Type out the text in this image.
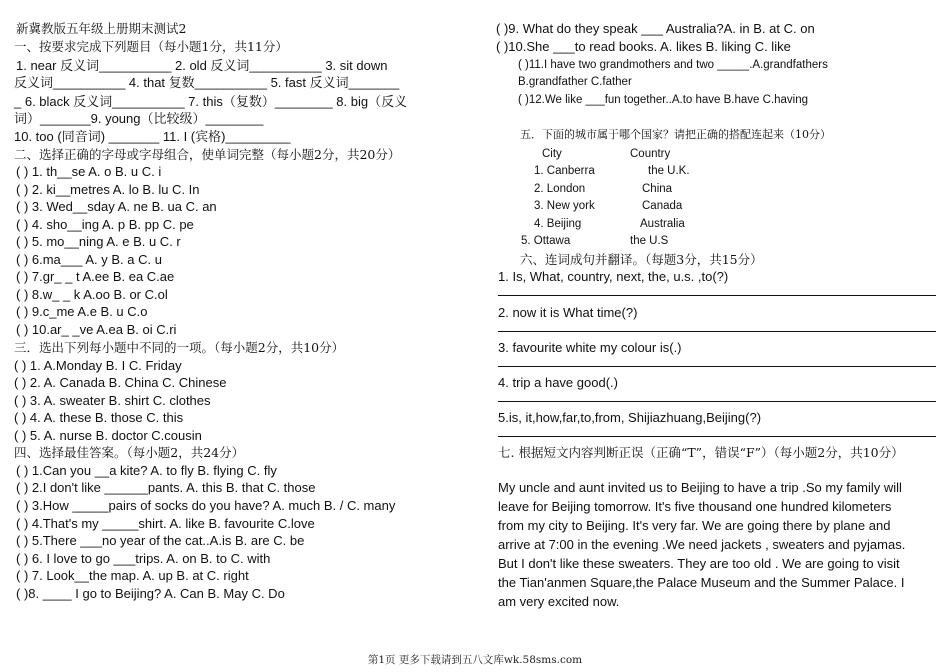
新冀教版五年级上册期末测试2
一、按要求完成下列题目（每小题1分，共11分）
1. near 反义词__________ 2. old 反义词__________ 3. sit down
反义词__________ 4. that 复数__________ 5. fast 反义词_______
_ 6. black 反义词__________ 7. this（复数）________ 8. big（反义
词）_______9. young（比较级）________
10. too (同音词) _______ 11. I (宾格)_________
二、选择正确的字母或字母组合，使单词完整（每小题2分，共20分）
( ) 1. th__se A. o B. u C. i
( ) 2. ki__metres A. lo B. lu C. In
( ) 3. Wed__sday A. ne B. ua C. an
( ) 4. sho__ing A. p B. pp C. pe
( ) 5. mo__ning A. e B. u C. r
( ) 6.ma___ A. y B. a C. u
( ) 7.gr_ _ t A.ee B. ea C.ae
( ) 8.w_ _ k A.oo B. or C.ol
( ) 9.c_me A.e B. u C.o
( ) 10.ar_ _ve A.ea B. oi C.ri
三．选出下列每小题中不同的一项。（每小题2分，共10分）
( ) 1. A.Monday B. I C. Friday
( ) 2. A. Canada B. China C. Chinese
( ) 3. A. sweater B. shirt C. clothes
( ) 4. A. these B. those C. this
( ) 5. A. nurse B. doctor C.cousin
四、选择最佳答案。（每小题2，共24分）
( ) 1.Can you __a kite? A. to fly B. flying C. fly
( ) 2.I don't like ______pants. A. this B. that C. those
( ) 3.How _____pairs of socks do you have? A. much B. / C. many
( ) 4.That's my _____shirt. A. like B. favourite C.love
( ) 5.There ___no year of the cat..A.is B. are C. be
( ) 6. I love to go ___trips. A. on B. to C. with
( ) 7. Look__the map. A. up B. at C. right
( )8. ____ I go to Beijing? A. Can B. May C. Do
( )9. What do they speak ___ Australia?A. in B. at C. on
( )10.She ___to read books. A. likes B. liking C. like
( )11.I have two grandmothers and two _____.A.grandfathers
B.grandfather C.father
( )12.We like ___fun together..A.to have B.have C.having
五．下面的城市属于哪个国家？请把正确的搭配连起来（10分）
City	Country
1. Canberra
2. London
3. New york
4. Beijing
5. Ottawa
the U.K.
China
Canada
Australia
the U.S
六、连词成句并翻译。（每题3分，共15分）
1. Is, What, country, next, the, u.s. ,to(?)
2. now it is What time(?)
3. favourite white my colour is(.)
4. trip a have good(.)
5.is, it,how,far,to,from, Shijiazhuang,Beijing(?)
七. 根据短文内容判断正误（正确“T”，错误“F”）（每小题2分，共10分）
My uncle and aunt invited us to Beijing to have a trip .So my family will
leave for Beijing tomorrow. It's five thousand one hundred kilometers
from my city to Beijing. It's very far. We are going there by plane and
arrive at 7:00 in the evening .We need jackets , sweaters and pyjamas.
But I don't like these sweaters. They are too old . We are going to visit
the Tian'anmen Square,the Palace Museum and the Summer Palace. I
am very excited now.
第1页 更多下载请到五八文库wk.58sms.com
